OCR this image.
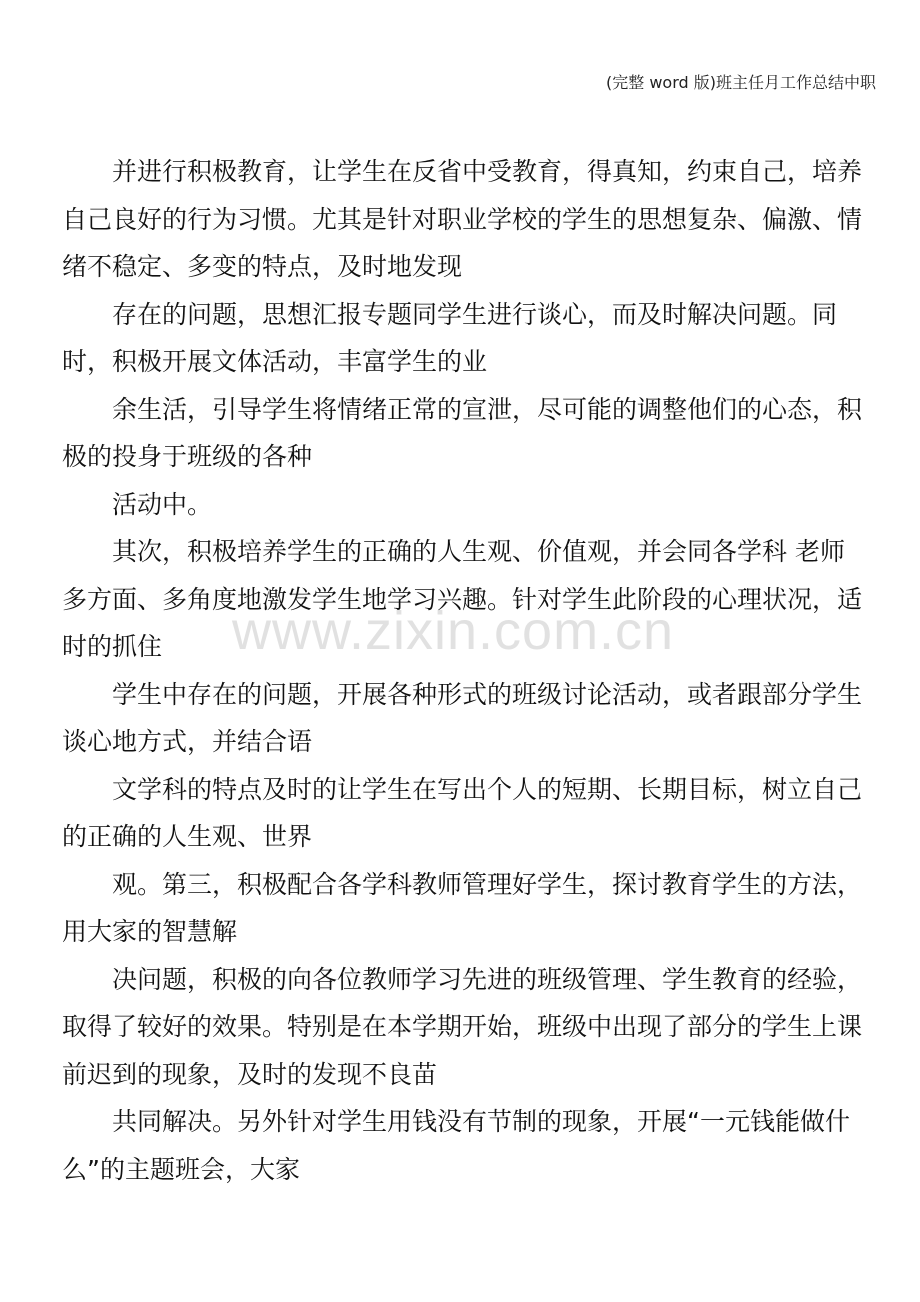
(完整 word 版)班主任月工作总结中职

并进行积极教育，让学生在反省中受教育，得真知，约束自己，培养自己良好的行为习惯。尤其是针对职业学校的学生的思想复杂、偏激、情绪不稳定、多变的特点，及时地发现

存在的问题，思想汇报专题同学生进行谈心，而及时解决问题。同时，积极开展文体活动，丰富学生的业

余生活，引导学生将情绪正常的宣泄，尽可能的调整他们的心态，积极的投身于班级的各种

活动中。

其次，积极培养学生的正确的人生观、价值观，并会同各学科 老师多方面、多角度地激发学生地学习兴趣。针对学生此阶段的心理状况，适时的抓住

学生中存在的问题，开展各种形式的班级讨论活动，或者跟部分学生谈心地方式，并结合语

文学科的特点及时的让学生在写出个人的短期、长期目标，树立自己的正确的人生观、世界

观。第三，积极配合各学科教师管理好学生，探讨教育学生的方法，用大家的智慧解

决问题，积极的向各位教师学习先进的班级管理、学生教育的经验，取得了较好的效果。特别是在本学期开始，班级中出现了部分的学生上课前迟到的现象，及时的发现不良苗

共同解决。另外针对学生用钱没有节制的现象，开展“一元钱能做什么”的主题班会，大家

www.zixin.com.cn
